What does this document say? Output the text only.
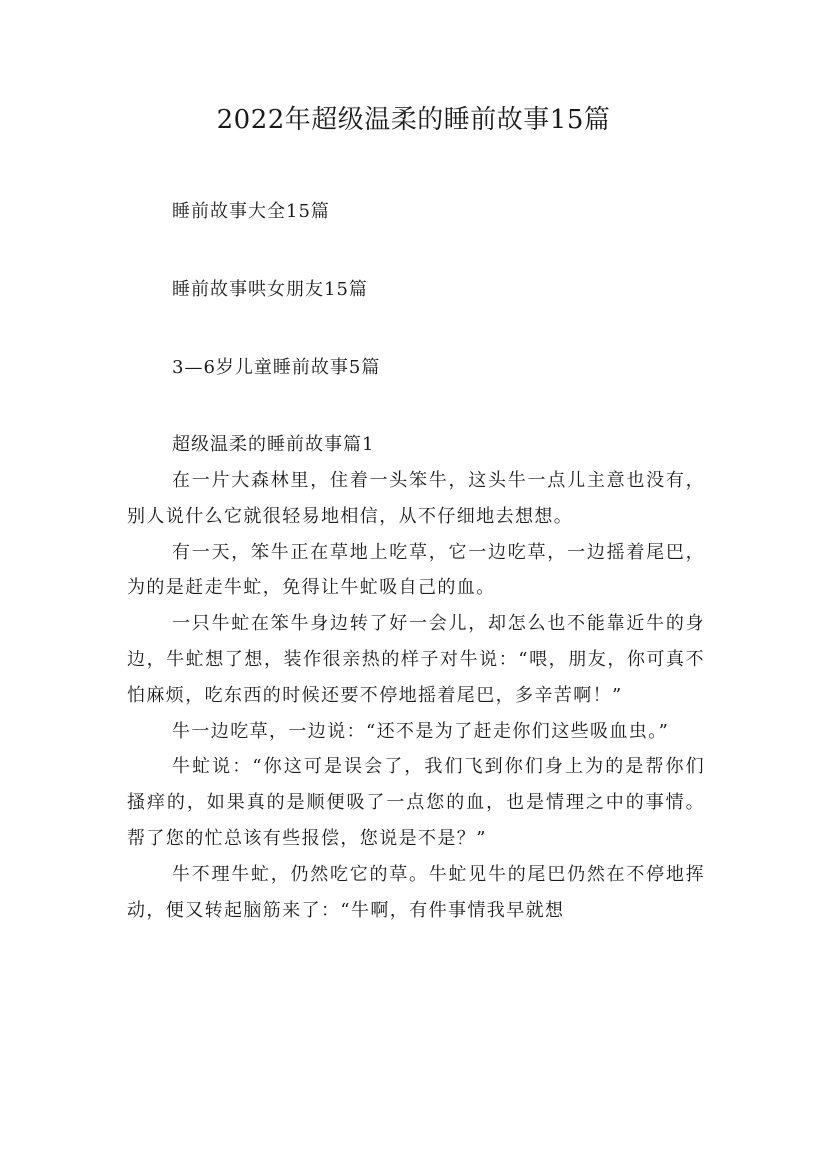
2022年超级温柔的睡前故事15篇

睡前故事大全15篇

睡前故事哄女朋友15篇

3—6岁儿童睡前故事5篇

超级温柔的睡前故事篇1

在一片大森林里，住着一头笨牛，这头牛一点儿主意也没有，别人说什么它就很轻易地相信，从不仔细地去想想。

有一天，笨牛正在草地上吃草，它一边吃草，一边摇着尾巴，为的是赶走牛虻，免得让牛虻吸自己的血。

一只牛虻在笨牛身边转了好一会儿，却怎么也不能靠近牛的身边，牛虻想了想，装作很亲热的样子对牛说：“喂，朋友，你可真不怕麻烦，吃东西的时候还要不停地摇着尾巴，多辛苦啊！”

牛一边吃草，一边说：“还不是为了赶走你们这些吸血虫。”

牛虻说：“你这可是误会了，我们飞到你们身上为的是帮你们搔痒的，如果真的是顺便吸了一点您的血，也是情理之中的事情。帮了您的忙总该有些报偿，您说是不是？”

牛不理牛虻，仍然吃它的草。牛虻见牛的尾巴仍然在不停地挥动，便又转起脑筋来了：“牛啊，有件事情我早就想
